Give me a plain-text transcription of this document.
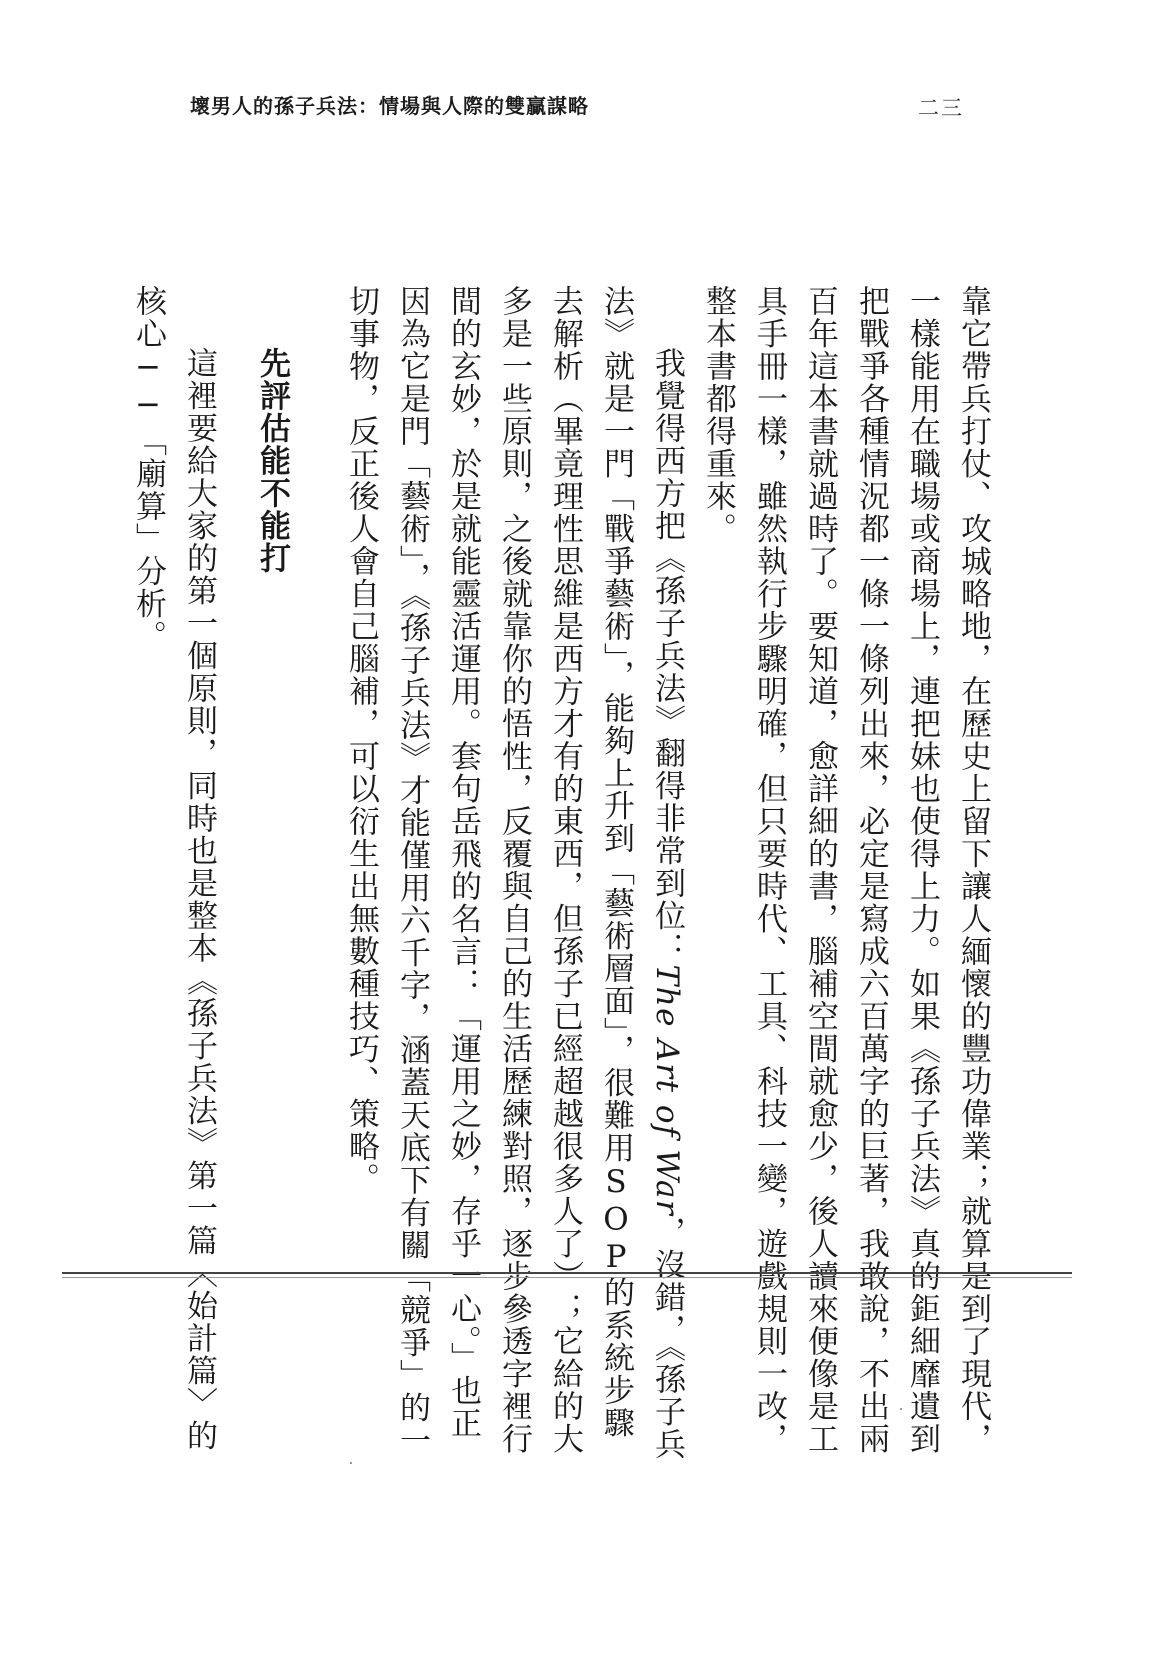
壞男人的孫子兵法：情場與人際的雙贏謀略	二三

靠它帶兵打仗、攻城略地，在歷史上留下讓人緬懷的豐功偉業；就算是到了現代，一樣能用在職場或商場上，連把妹也使得上力。如果《孫子兵法》真的鉅細靡遺到把戰爭各種情況都一條一條列出來，必定是寫成六百萬字的巨著，我敢說，不出兩百年這本書就過時了。要知道，愈詳細的書，腦補空間就愈少，後人讀來便像是工具手冊一樣，雖然執行步驟明確，但只要時代、工具、科技一變，遊戲規則一改，整本書都得重來。

我覺得西方把《孫子兵法》翻得非常到位：The Art of War，沒錯，《孫子兵法》就是一門「戰爭藝術」，能夠上升到「藝術層面」，很難用SOP的系統步驟去解析（畢竟理性思維是西方才有的東西，但孫子已經超越很多人了）；它給的大多是一些原則，之後就靠你的悟性，反覆與自己的生活歷練對照，逐步參透字裡行間的玄妙，於是就能靈活運用。套句岳飛的名言：「運用之妙，存乎一心。」也正因為它是門「藝術」，《孫子兵法》才能僅用六千字，涵蓋天底下有關「競爭」的一切事物，反正後人會自己腦補，可以衍生出無數種技巧、策略。

先評估能不能打

這裡要給大家的第一個原則，同時也是整本《孫子兵法》第一篇〈始計篇〉的核心──「廟算」分析。
